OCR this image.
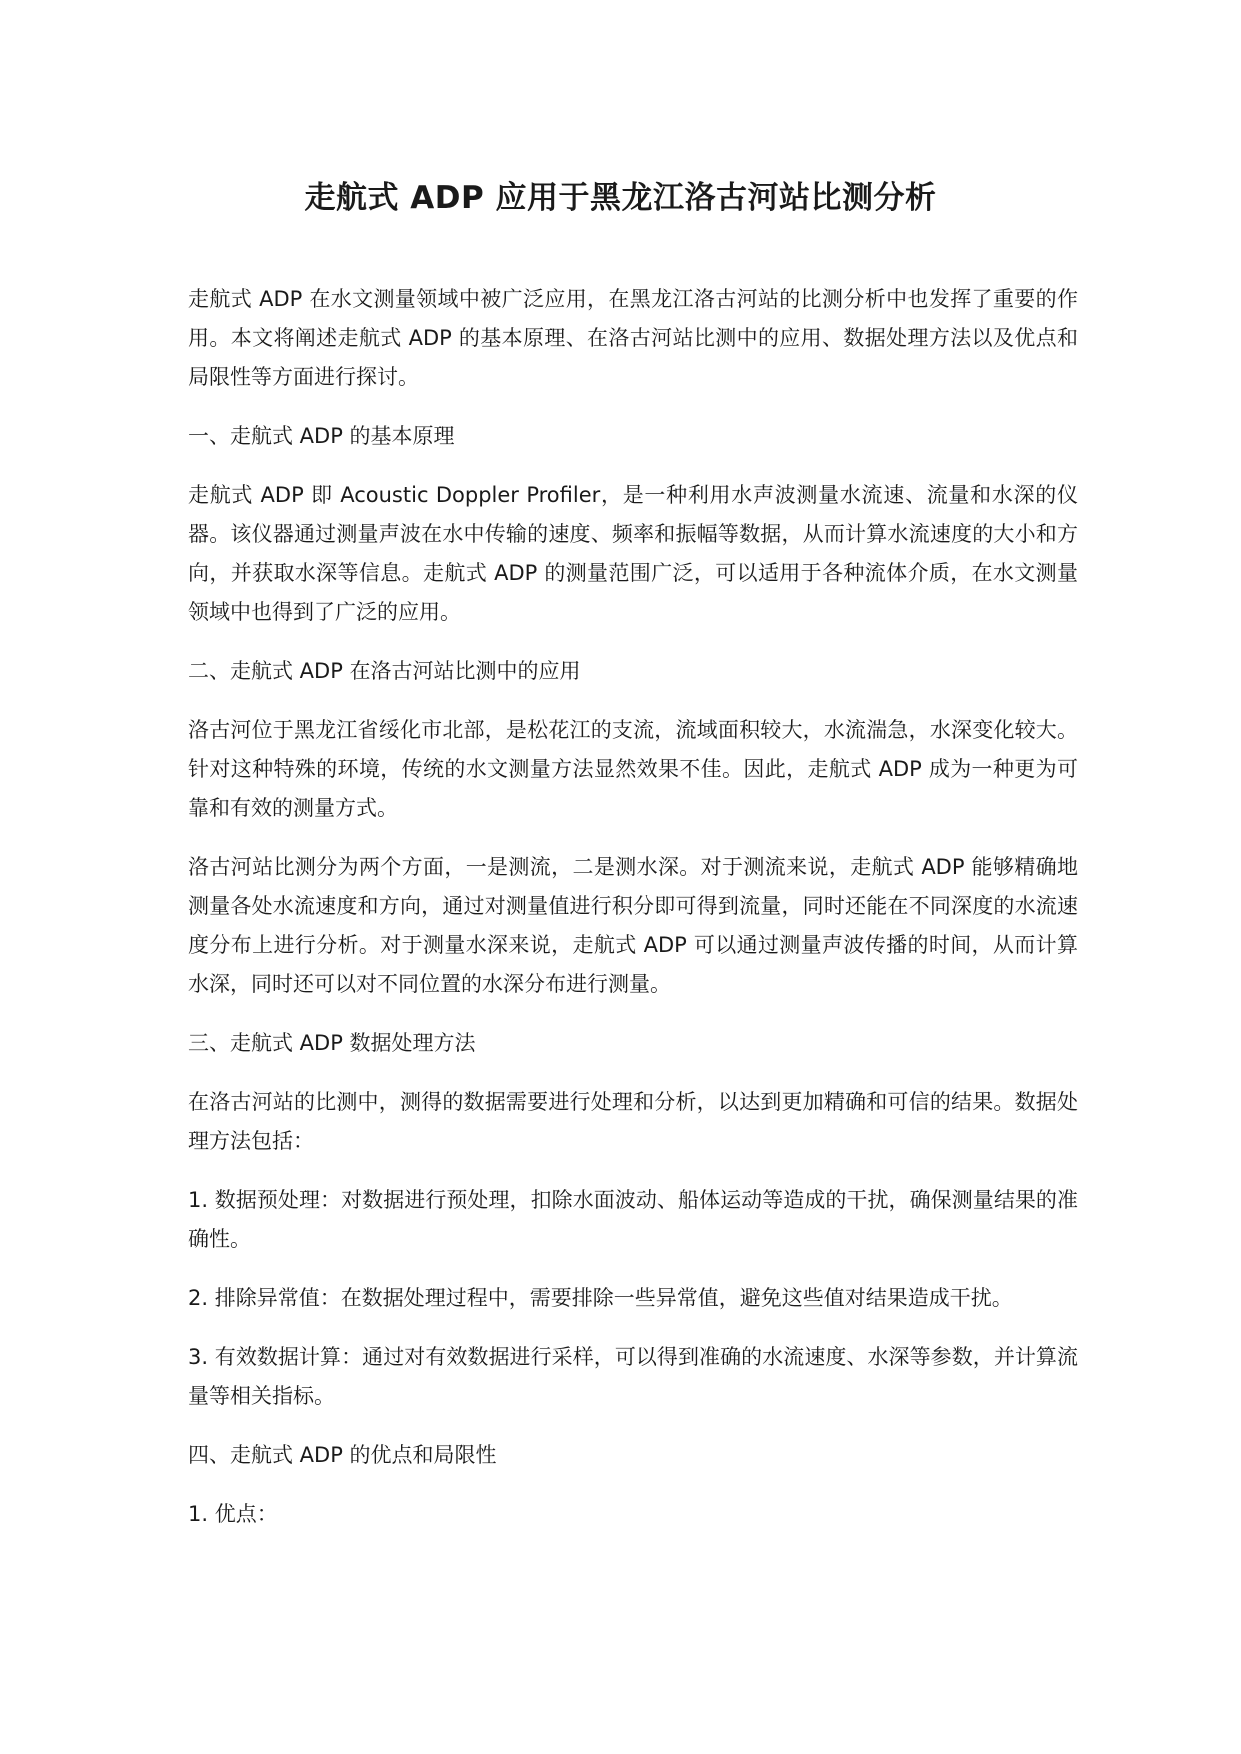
走航式 ADP 应用于黑龙江洛古河站比测分析

走航式 ADP 在水文测量领域中被广泛应用，在黑龙江洛古河站的比测分析中也发挥了重要的作用。本文将阐述走航式 ADP 的基本原理、在洛古河站比测中的应用、数据处理方法以及优点和局限性等方面进行探讨。

一、走航式 ADP 的基本原理

走航式 ADP 即 Acoustic Doppler Profiler，是一种利用水声波测量水流速、流量和水深的仪器。该仪器通过测量声波在水中传输的速度、频率和振幅等数据，从而计算水流速度的大小和方向，并获取水深等信息。走航式 ADP 的测量范围广泛，可以适用于各种流体介质，在水文测量领域中也得到了广泛的应用。

二、走航式 ADP 在洛古河站比测中的应用

洛古河位于黑龙江省绥化市北部，是松花江的支流，流域面积较大，水流湍急，水深变化较大。针对这种特殊的环境，传统的水文测量方法显然效果不佳。因此，走航式 ADP 成为一种更为可靠和有效的测量方式。

洛古河站比测分为两个方面，一是测流，二是测水深。对于测流来说，走航式 ADP 能够精确地测量各处水流速度和方向，通过对测量值进行积分即可得到流量，同时还能在不同深度的水流速度分布上进行分析。对于测量水深来说，走航式 ADP 可以通过测量声波传播的时间，从而计算水深，同时还可以对不同位置的水深分布进行测量。

三、走航式 ADP 数据处理方法

在洛古河站的比测中，测得的数据需要进行处理和分析，以达到更加精确和可信的结果。数据处理方法包括：

1. 数据预处理：对数据进行预处理，扣除水面波动、船体运动等造成的干扰，确保测量结果的准确性。

2. 排除异常值：在数据处理过程中，需要排除一些异常值，避免这些值对结果造成干扰。

3. 有效数据计算：通过对有效数据进行采样，可以得到准确的水流速度、水深等参数，并计算流量等相关指标。

四、走航式 ADP 的优点和局限性

1. 优点：
